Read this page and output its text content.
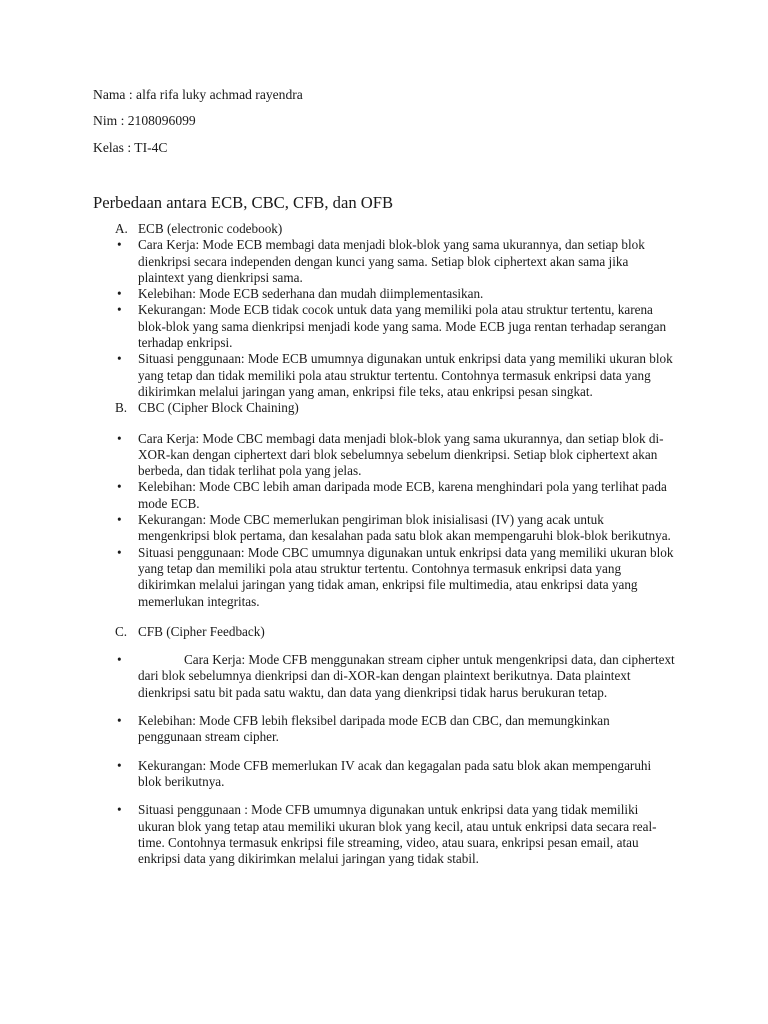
Nama : alfa rifa luky achmad rayendra
Nim : 2108096099
Kelas : TI-4C
Perbedaan antara ECB, CBC, CFB, dan OFB

A. ECB (electronic codebook)

• Cara Kerja: Mode ECB membagi data menjadi blok-blok yang sama ukurannya, dan setiap blok dienkripsi secara independen dengan kunci yang sama. Setiap blok ciphertext akan sama jika plaintext yang dienkripsi sama.

• Kelebihan: Mode ECB sederhana dan mudah diimplementasikan.

• Kekurangan: Mode ECB tidak cocok untuk data yang memiliki pola atau struktur tertentu, karena blok-blok yang sama dienkripsi menjadi kode yang sama. Mode ECB juga rentan terhadap serangan terhadap enkripsi.

• Situasi penggunaan: Mode ECB umumnya digunakan untuk enkripsi data yang memiliki ukuran blok yang tetap dan tidak memiliki pola atau struktur tertentu. Contohnya termasuk enkripsi data yang dikirimkan melalui jaringan yang aman, enkripsi file teks, atau enkripsi pesan singkat.

B. CBC (Cipher Block Chaining)

• Cara Kerja: Mode CBC membagi data menjadi blok-blok yang sama ukurannya, dan setiap blok di-XOR-kan dengan ciphertext dari blok sebelumnya sebelum dienkripsi. Setiap blok ciphertext akan berbeda, dan tidak terlihat pola yang jelas.

• Kelebihan: Mode CBC lebih aman daripada mode ECB, karena menghindari pola yang terlihat pada mode ECB.

• Kekurangan: Mode CBC memerlukan pengiriman blok inisialisasi (IV) yang acak untuk mengenkripsi blok pertama, dan kesalahan pada satu blok akan mempengaruhi blok-blok berikutnya.

• Situasi penggunaan: Mode CBC umumnya digunakan untuk enkripsi data yang memiliki ukuran blok yang tetap dan memiliki pola atau struktur tertentu. Contohnya termasuk enkripsi data yang dikirimkan melalui jaringan yang tidak aman, enkripsi file multimedia, atau enkripsi data yang memerlukan integritas.

C. CFB (Cipher Feedback)

•	Cara Kerja: Mode CFB menggunakan stream cipher untuk mengenkripsi data, dan ciphertext dari blok sebelumnya dienkripsi dan di-XOR-kan dengan plaintext berikutnya. Data plaintext dienkripsi satu bit pada satu waktu, dan data yang dienkripsi tidak harus berukuran tetap.

• Kelebihan: Mode CFB lebih fleksibel daripada mode ECB dan CBC, dan memungkinkan penggunaan stream cipher.

• Kekurangan: Mode CFB memerlukan IV acak dan kegagalan pada satu blok akan mempengaruhi blok berikutnya.

• Situasi penggunaan : Mode CFB umumnya digunakan untuk enkripsi data yang tidak memiliki ukuran blok yang tetap atau memiliki ukuran blok yang kecil, atau untuk enkripsi data secara real-time. Contohnya termasuk enkripsi file streaming, video, atau suara, enkripsi pesan email, atau enkripsi data yang dikirimkan melalui jaringan yang tidak stabil.
